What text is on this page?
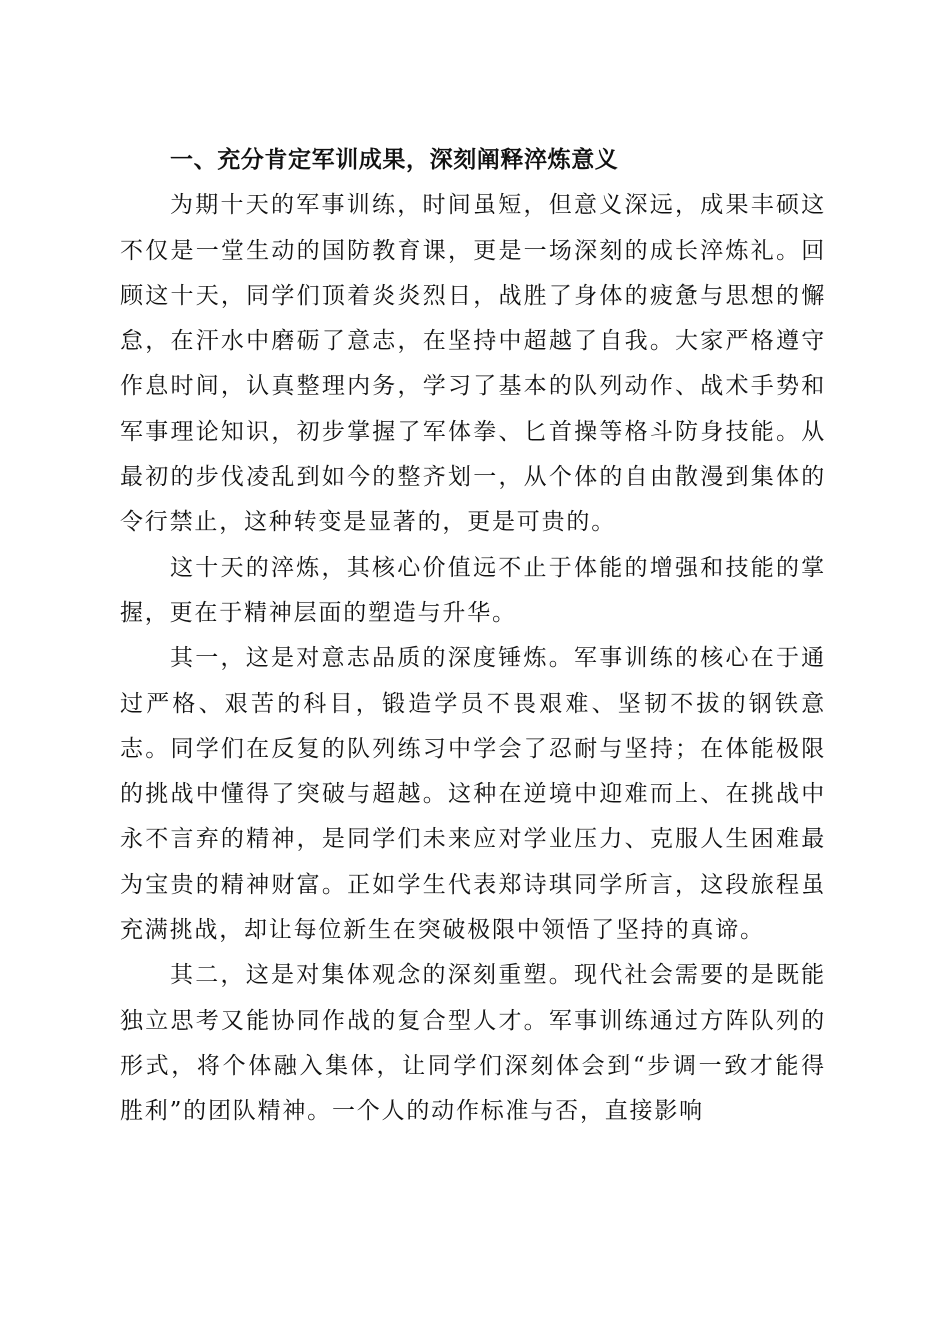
一、充分肯定军训成果，深刻阐释淬炼意义

为期十天的军事训练，时间虽短，但意义深远，成果丰硕这不仅是一堂生动的国防教育课，更是一场深刻的成长淬炼礼。回顾这十天，同学们顶着炎炎烈日，战胜了身体的疲惫与思想的懈怠，在汗水中磨砺了意志，在坚持中超越了自我。大家严格遵守作息时间，认真整理内务，学习了基本的队列动作、战术手势和军事理论知识，初步掌握了军体拳、匕首操等格斗防身技能。从最初的步伐凌乱到如今的整齐划一，从个体的自由散漫到集体的令行禁止，这种转变是显著的，更是可贵的。

这十天的淬炼，其核心价值远不止于体能的增强和技能的掌握，更在于精神层面的塑造与升华。

其一，这是对意志品质的深度锤炼。军事训练的核心在于通过严格、艰苦的科目，锻造学员不畏艰难、坚韧不拔的钢铁意志。同学们在反复的队列练习中学会了忍耐与坚持；在体能极限的挑战中懂得了突破与超越。这种在逆境中迎难而上、在挑战中永不言弃的精神，是同学们未来应对学业压力、克服人生困难最为宝贵的精神财富。正如学生代表郑诗琪同学所言，这段旅程虽充满挑战，却让每位新生在突破极限中领悟了坚持的真谛。

其二，这是对集体观念的深刻重塑。现代社会需要的是既能独立思考又能协同作战的复合型人才。军事训练通过方阵队列的形式，将个体融入集体，让同学们深刻体会到“步调一致才能得胜利”的团队精神。一个人的动作标准与否，直接影响
